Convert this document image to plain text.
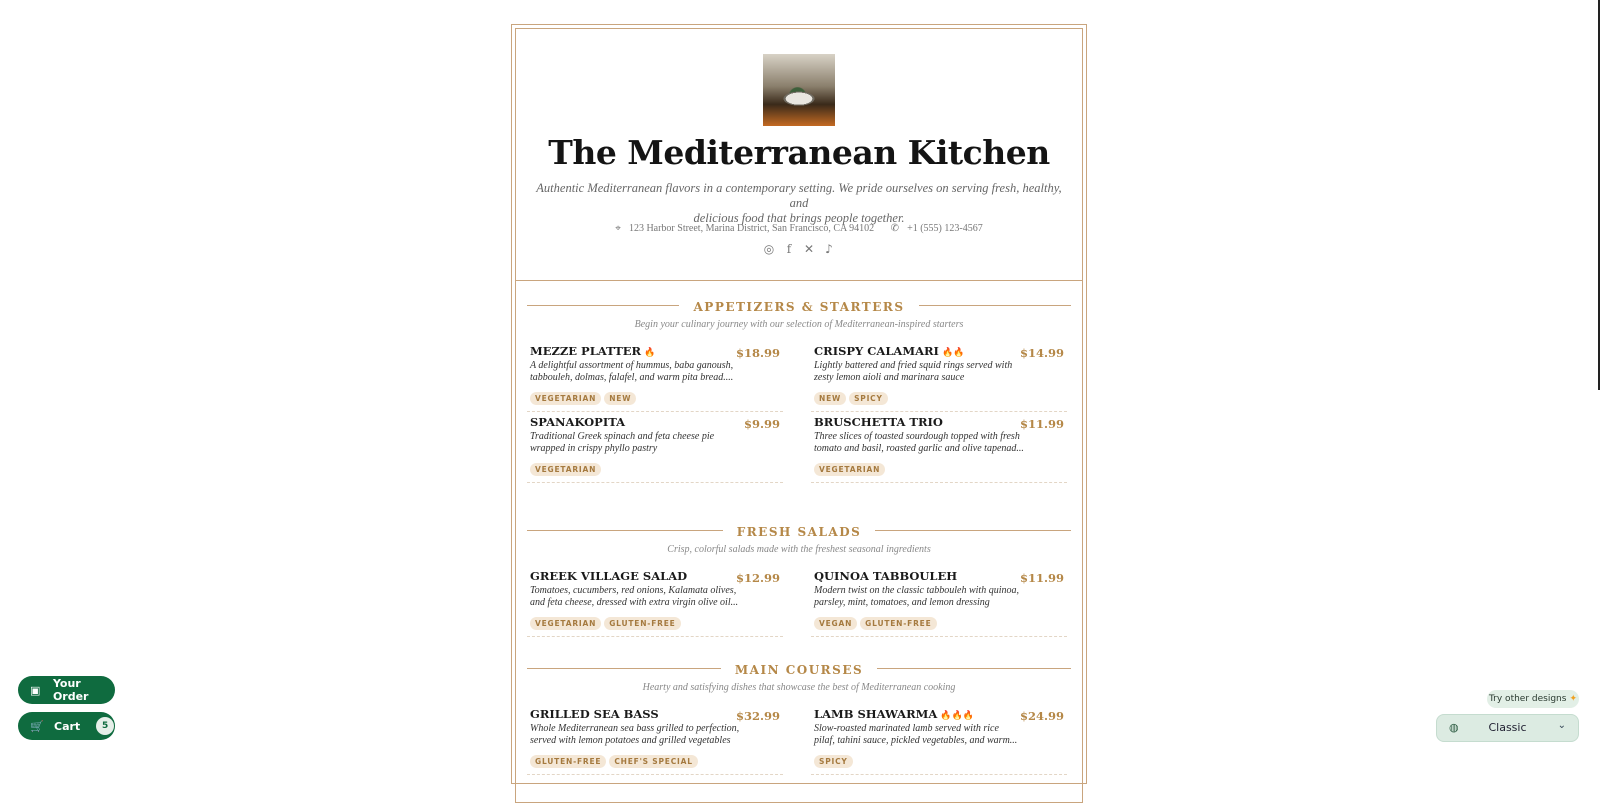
The Mediterranean Kitchen
Authentic Mediterranean flavors in a contemporary setting. We pride ourselves on serving fresh, healthy, and
delicious food that brings people together.
⌖ 123 Harbor Street, Marina District, San Francisco, CA 94102 ✆ +1 (555) 123-4567
◎ f ✕ ♪
APPETIZERS & STARTERS
Begin your culinary journey with our selection of Mediterranean-inspired starters
MEZZE PLATTER 🔥	$18.99
A delightful assortment of hummus, baba ganoush,
tabbouleh, dolmas, falafel, and warm pita bread....
VEGETARIAN NEW
CRISPY CALAMARI 🔥🔥	$14.99
Lightly battered and fried squid rings served with
zesty lemon aioli and marinara sauce
NEW SPICY
SPANAKOPITA	$9.99
Traditional Greek spinach and feta cheese pie
wrapped in crispy phyllo pastry
VEGETARIAN
BRUSCHETTA TRIO	$11.99
Three slices of toasted sourdough topped with fresh
tomato and basil, roasted garlic and olive tapenad...
VEGETARIAN
FRESH SALADS
Crisp, colorful salads made with the freshest seasonal ingredients
GREEK VILLAGE SALAD	$12.99
Tomatoes, cucumbers, red onions, Kalamata olives,
and feta cheese, dressed with extra virgin olive oil...
VEGETARIAN GLUTEN-FREE
QUINOA TABBOULEH	$11.99
Modern twist on the classic tabbouleh with quinoa,
parsley, mint, tomatoes, and lemon dressing
VEGAN GLUTEN-FREE
MAIN COURSES
Hearty and satisfying dishes that showcase the best of Mediterranean cooking
GRILLED SEA BASS	$32.99
Whole Mediterranean sea bass grilled to perfection,
served with lemon potatoes and grilled vegetables
GLUTEN-FREE CHEF'S SPECIAL
LAMB SHAWARMA 🔥🔥🔥	$24.99
Slow-roasted marinated lamb served with rice
pilaf, tahini sauce, pickled vegetables, and warm...
SPICY
▣ Your Order
🛒 Cart	5
Try other designs ✦
◍	Classic	⌄
